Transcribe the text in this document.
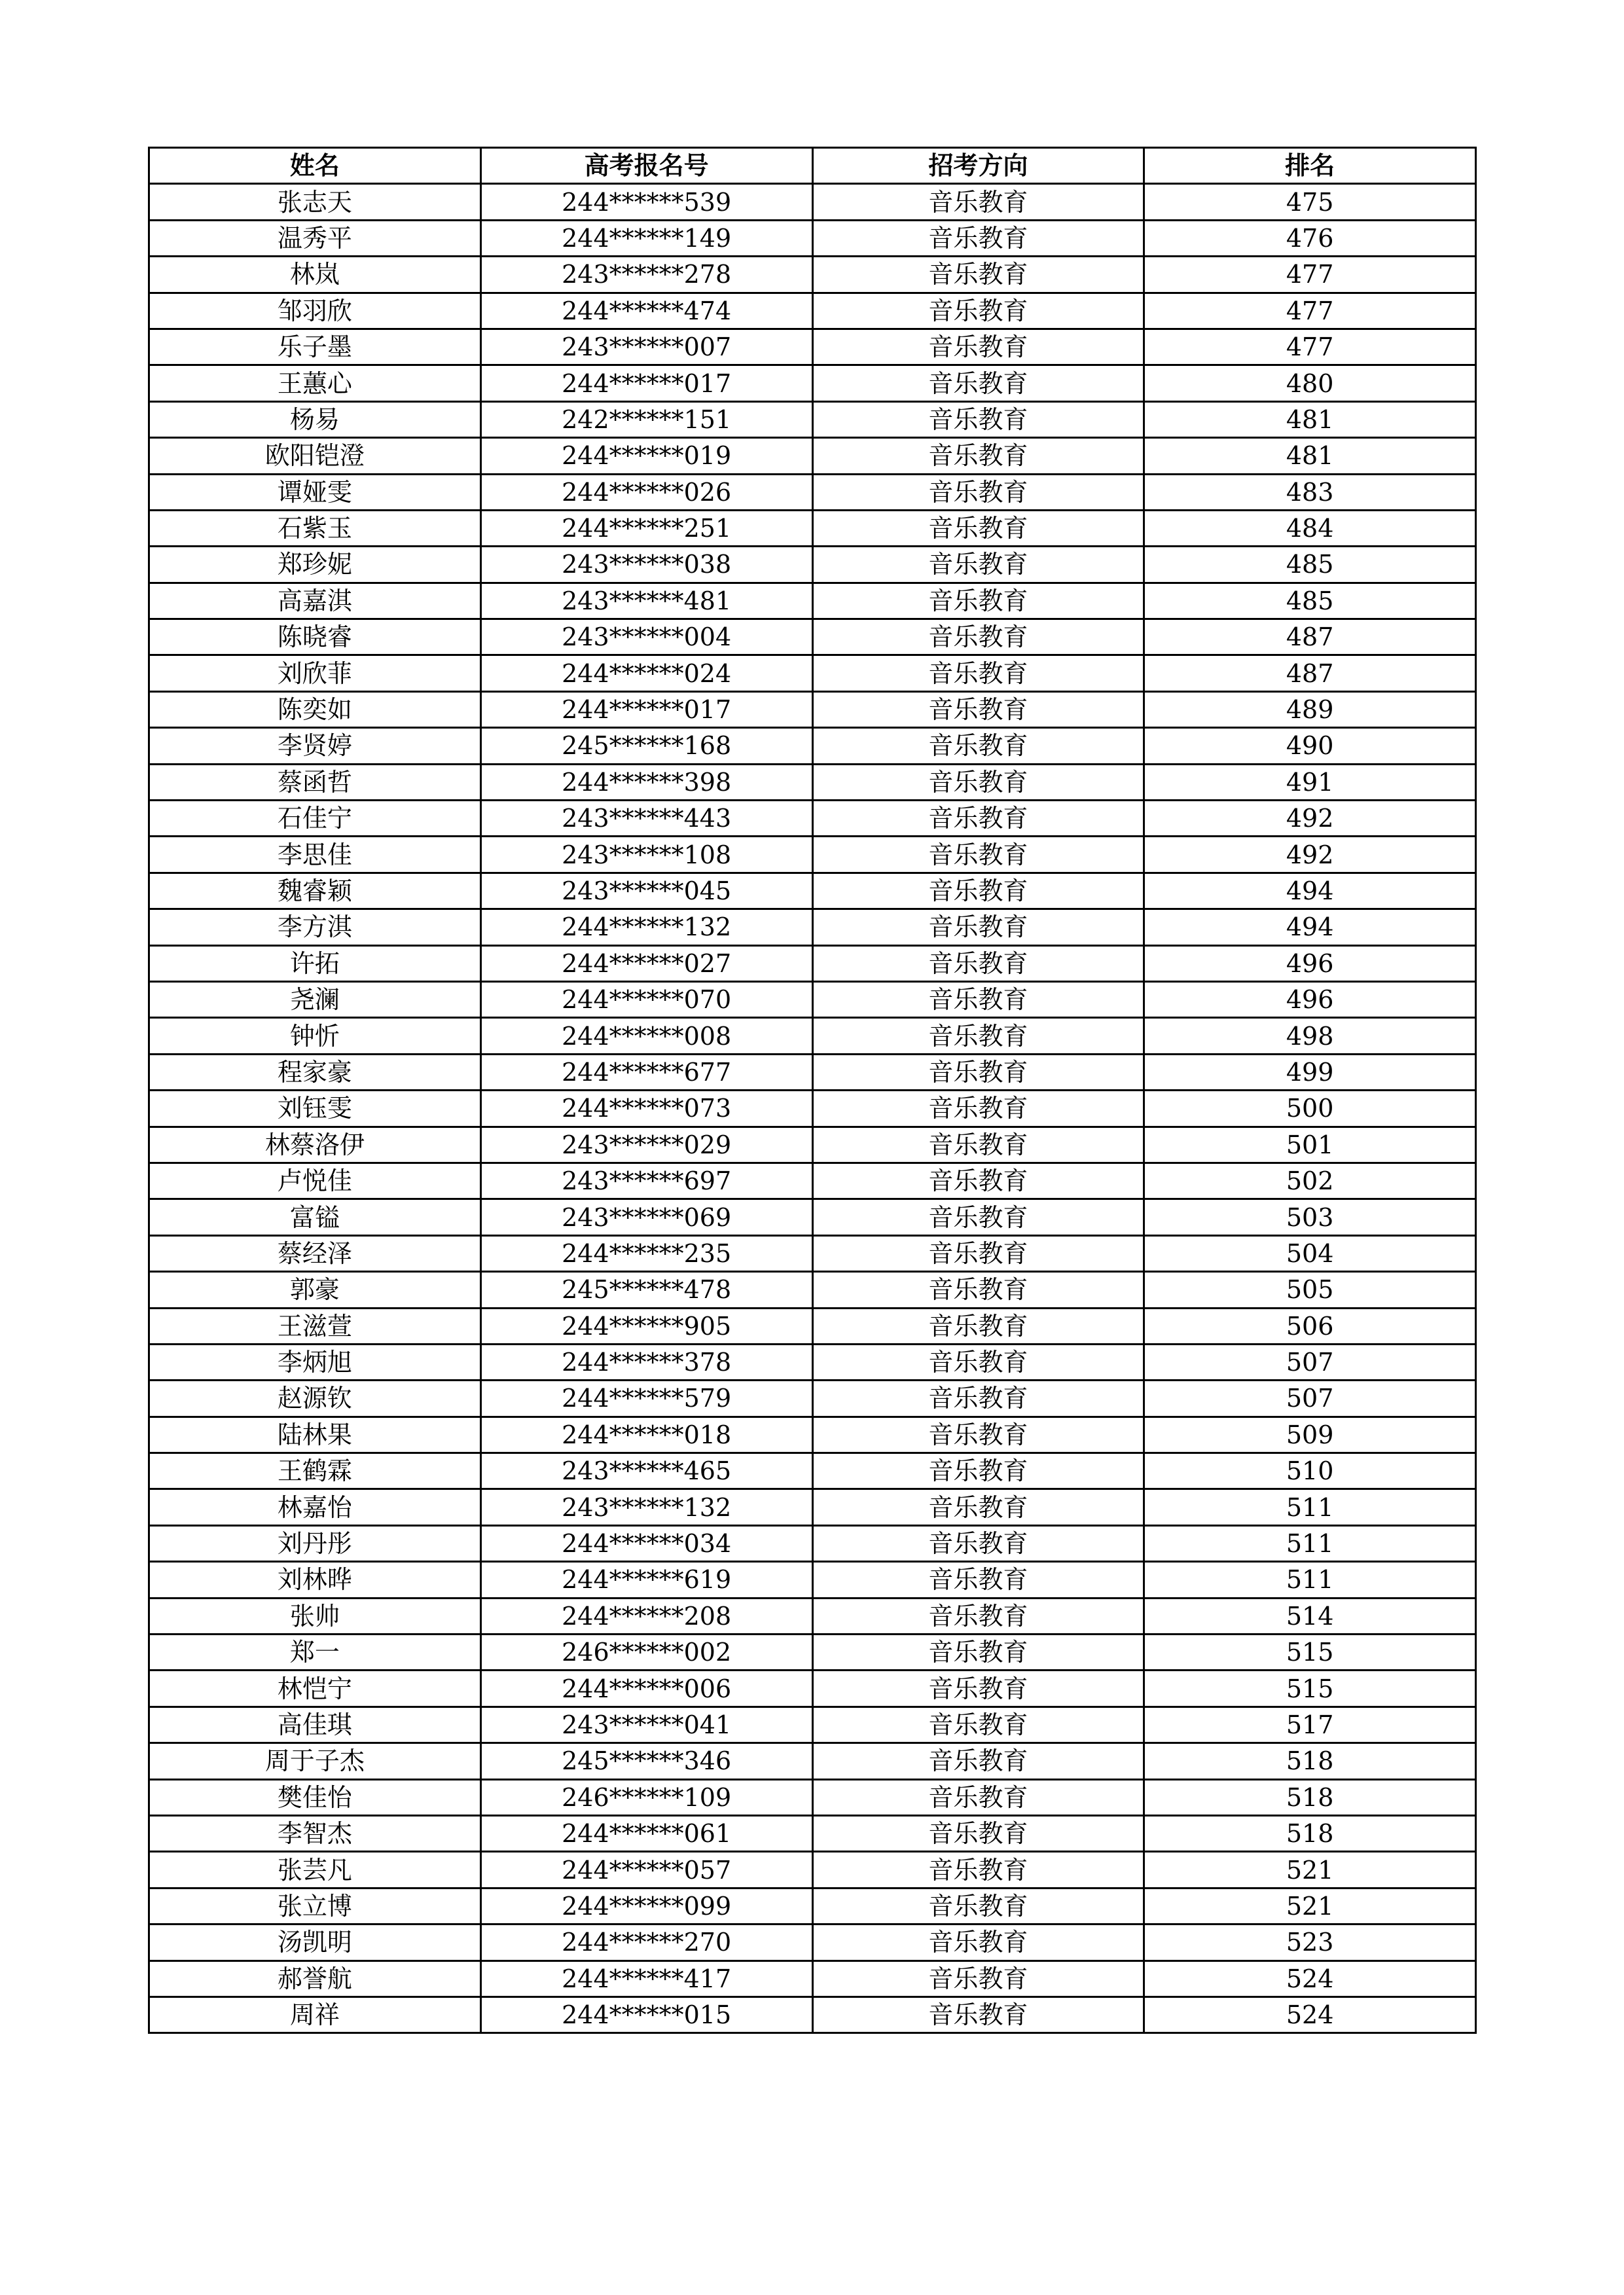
姓名	高考报名号	招考方向	排名
张志天	244******539	音乐教育	475
温秀平	244******149	音乐教育	476
林岚	243******278	音乐教育	477
邹羽欣	244******474	音乐教育	477
乐子墨	243******007	音乐教育	477
王蕙心	244******017	音乐教育	480
杨易	242******151	音乐教育	481
欧阳铠澄	244******019	音乐教育	481
谭娅雯	244******026	音乐教育	483
石紫玉	244******251	音乐教育	484
郑珍妮	243******038	音乐教育	485
高嘉淇	243******481	音乐教育	485
陈晓睿	243******004	音乐教育	487
刘欣菲	244******024	音乐教育	487
陈奕如	244******017	音乐教育	489
李贤婷	245******168	音乐教育	490
蔡函哲	244******398	音乐教育	491
石佳宁	243******443	音乐教育	492
李思佳	243******108	音乐教育	492
魏睿颖	243******045	音乐教育	494
李方淇	244******132	音乐教育	494
许拓	244******027	音乐教育	496
尧澜	244******070	音乐教育	496
钟忻	244******008	音乐教育	498
程家豪	244******677	音乐教育	499
刘钰雯	244******073	音乐教育	500
林蔡洛伊	243******029	音乐教育	501
卢悦佳	243******697	音乐教育	502
富镒	243******069	音乐教育	503
蔡经泽	244******235	音乐教育	504
郭豪	245******478	音乐教育	505
王滋萱	244******905	音乐教育	506
李炳旭	244******378	音乐教育	507
赵源钦	244******579	音乐教育	507
陆林果	244******018	音乐教育	509
王鹤霖	243******465	音乐教育	510
林嘉怡	243******132	音乐教育	511
刘丹彤	244******034	音乐教育	511
刘林晔	244******619	音乐教育	511
张帅	244******208	音乐教育	514
郑一	246******002	音乐教育	515
林恺宁	244******006	音乐教育	515
高佳琪	243******041	音乐教育	517
周于子杰	245******346	音乐教育	518
樊佳怡	246******109	音乐教育	518
李智杰	244******061	音乐教育	518
张芸凡	244******057	音乐教育	521
张立博	244******099	音乐教育	521
汤凯明	244******270	音乐教育	523
郝誉航	244******417	音乐教育	524
周祥	244******015	音乐教育	524
